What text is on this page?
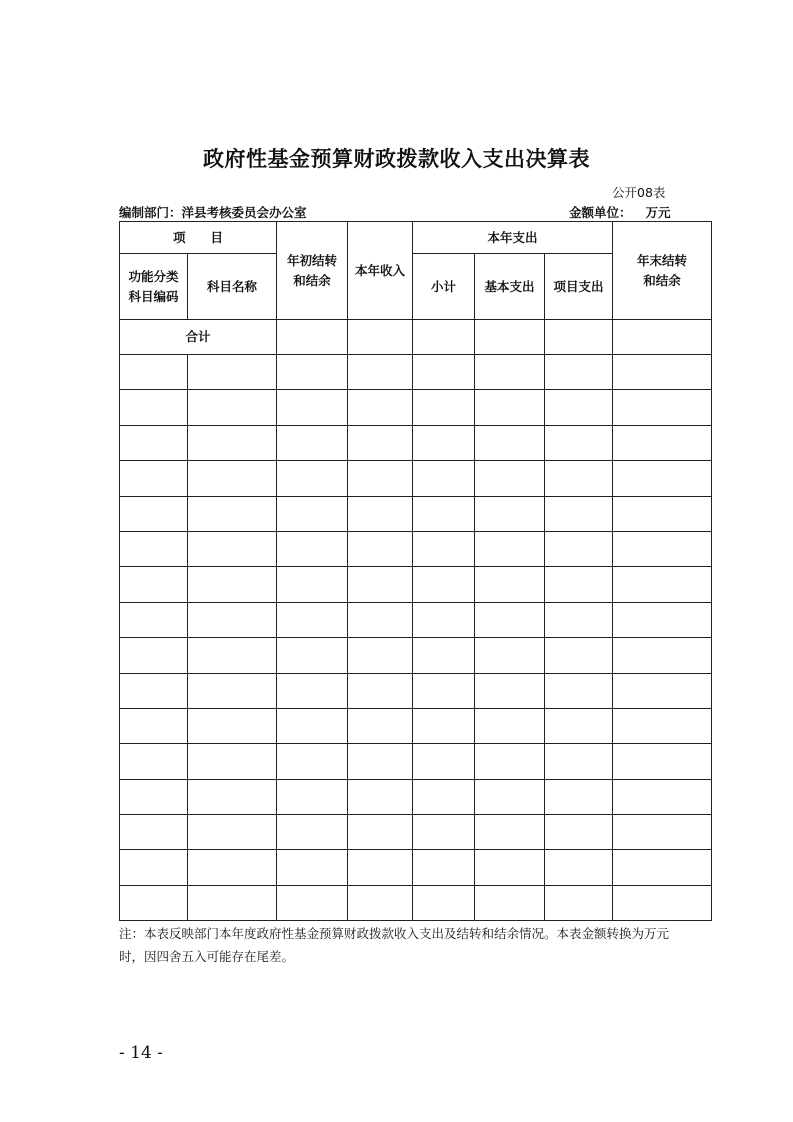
政府性基金预算财政拨款收入支出决算表
公开08表
编制部门：洋县考核委员会办公室	金额单位： 万元
项　　目		年初结转和结余	本年收入	本年支出			年末结转和结余

功能分类科目编码	科目名称			小计	基本支出	项目支出	
合计							

注：本表反映部门本年度政府性基金预算财政拨款收入支出及结转和结余情况。本表金额转换为万元时，因四舍五入可能存在尾差。
- 14 -
